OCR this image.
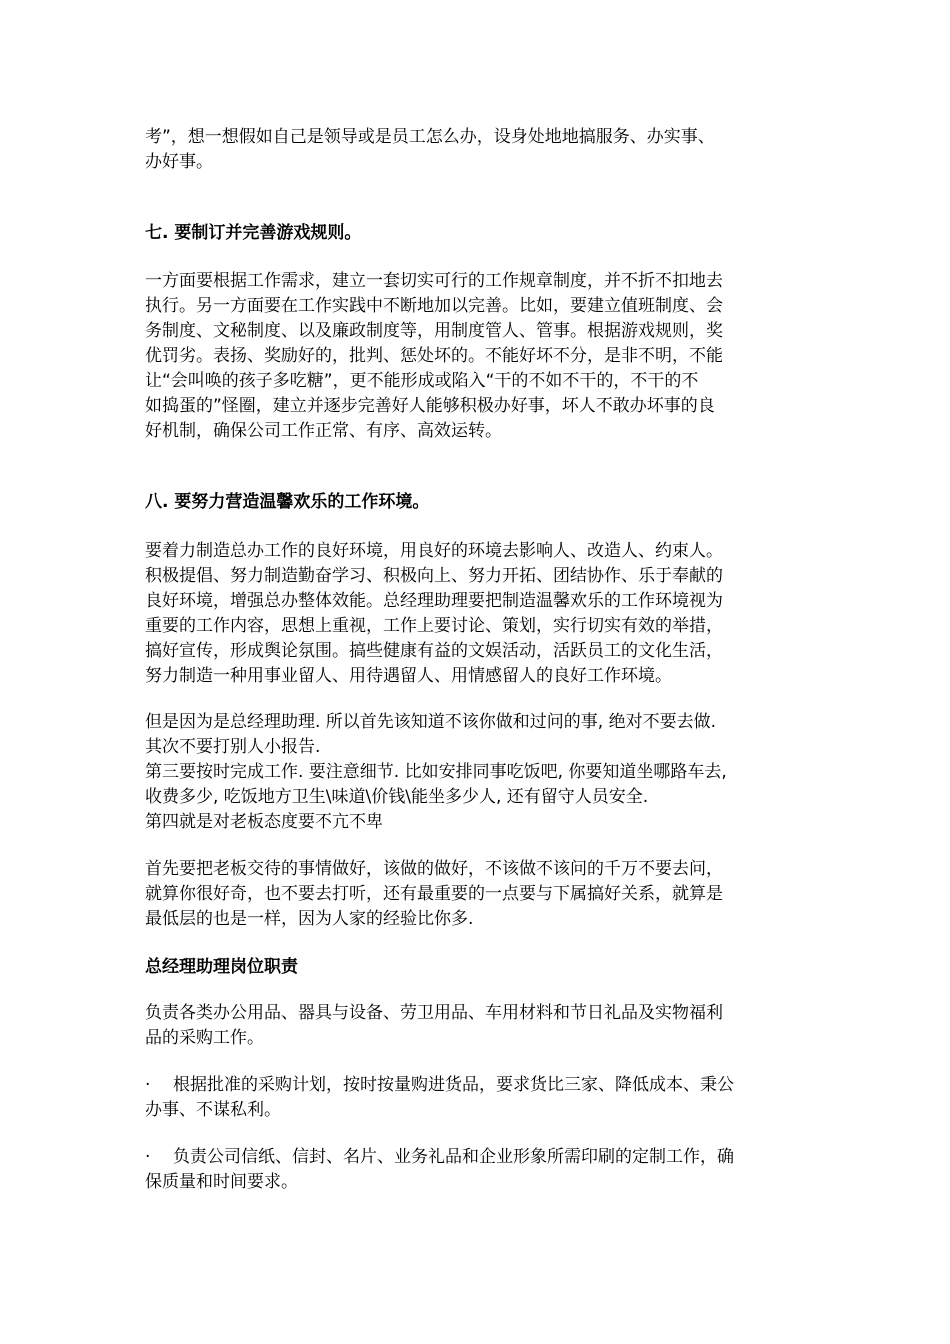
考”，想一想假如自己是领导或是员工怎么办，设身处地地搞服务、办实事、
办好事。

七. 要制订并完善游戏规则。

一方面要根据工作需求，建立一套切实可行的工作规章制度，并不折不扣地去
执行。另一方面要在工作实践中不断地加以完善。比如，要建立值班制度、会
务制度、文秘制度、以及廉政制度等，用制度管人、管事。根据游戏规则，奖
优罚劣。表扬、奖励好的，批判、惩处坏的。不能好坏不分，是非不明，不能
让“会叫唤的孩子多吃糖”，更不能形成或陷入“干的不如不干的，不干的不
如捣蛋的”怪圈，建立并逐步完善好人能够积极办好事，坏人不敢办坏事的良
好机制，确保公司工作正常、有序、高效运转。

八. 要努力营造温馨欢乐的工作环境。

要着力制造总办工作的良好环境，用良好的环境去影响人、改造人、约束人。
积极提倡、努力制造勤奋学习、积极向上、努力开拓、团结协作、乐于奉献的
良好环境，增强总办整体效能。总经理助理要把制造温馨欢乐的工作环境视为
重要的工作内容，思想上重视，工作上要讨论、策划，实行切实有效的举措，
搞好宣传，形成舆论氛围。搞些健康有益的文娱活动，活跃员工的文化生活，
努力制造一种用事业留人、用待遇留人、用情感留人的良好工作环境。

但是因为是总经理助理. 所以首先该知道不该你做和过问的事, 绝对不要去做.
其次不要打别人小报告.
第三要按时完成工作. 要注意细节. 比如安排同事吃饭吧, 你要知道坐哪路车去,
收费多少, 吃饭地方卫生\味道\价钱\能坐多少人, 还有留守人员安全.
第四就是对老板态度要不亢不卑

首先要把老板交待的事情做好，该做的做好，不该做不该问的千万不要去问，
就算你很好奇，也不要去打听，还有最重要的一点要与下属搞好关系，就算是
最低层的也是一样，因为人家的经验比你多.

总经理助理岗位职责

负责各类办公用品、器具与设备、劳卫用品、车用材料和节日礼品及实物福利
品的采购工作。

· 根据批准的采购计划，按时按量购进货品，要求货比三家、降低成本、秉公
办事、不谋私利。

· 负责公司信纸、信封、名片、业务礼品和企业形象所需印刷的定制工作，确
保质量和时间要求。
